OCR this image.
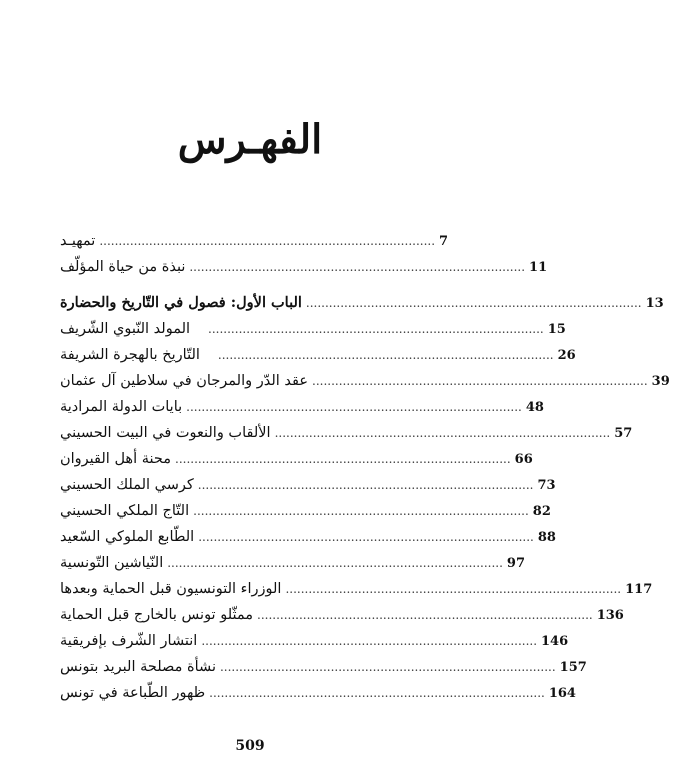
الفهـرس
تمهيـد ........................................................................................ 7
نبذة من حياة المؤلّف ........................................................................................ 11
الباب الأول: فصول في التّاريخ والحضارة ........................................................................................ 13
المولد النّبوي الشّريف	........................................................................................ 15
التّاريخ بالهجرة الشريفة	........................................................................................ 26
عقد الدّر والمرجان في سلاطين آل عثمان ........................................................................................ 39
بايات الدولة المرادية ........................................................................................ 48
الألقاب والنعوت في البيت الحسيني ........................................................................................ 57
محنة أهل القيروان ........................................................................................ 66
كرسي الملك الحسيني ........................................................................................ 73
التّاج الملكي الحسيني ........................................................................................ 82
الطّابع الملوكي السّعيد ........................................................................................ 88
النّياشين التّونسية ........................................................................................ 97
الوزراء التونسيون قبل الحماية وبعدها ........................................................................................ 117
ممثّلو تونس بالخارج قبل الحماية ........................................................................................ 136
انتشار الشّرف بإفريقية ........................................................................................ 146
نشأة مصلحة البريد بتونس ........................................................................................ 157
ظهور الطّباعة في تونس ........................................................................................ 164
509
